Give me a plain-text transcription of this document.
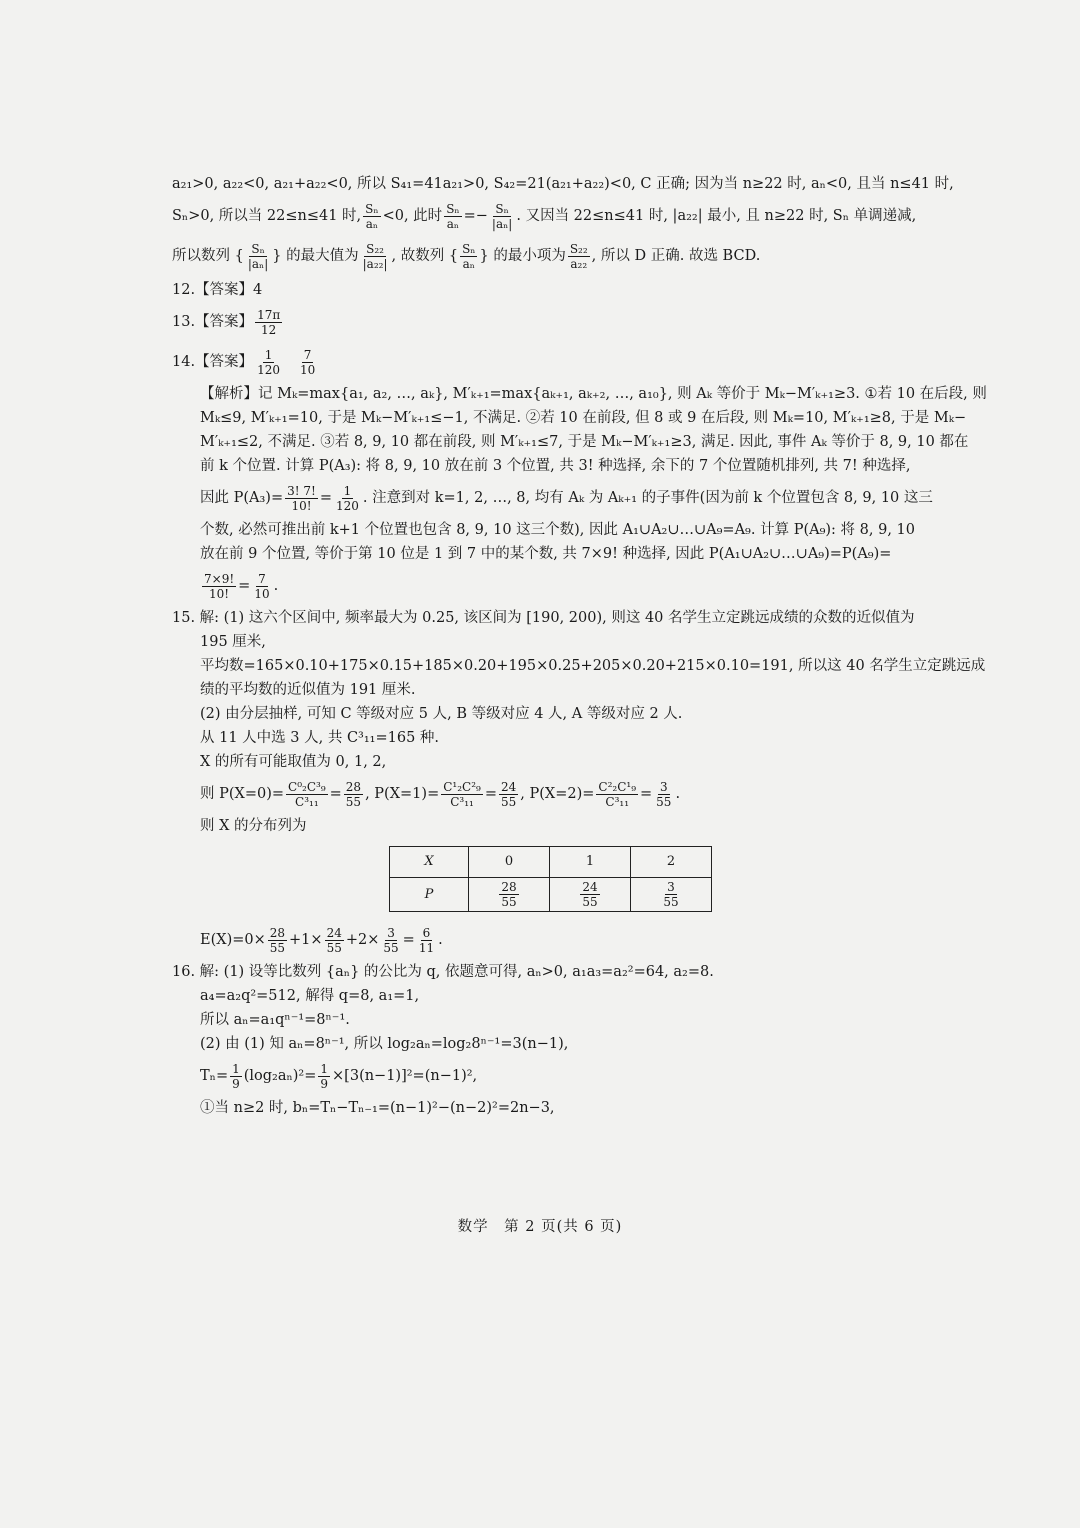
a₂₁>0, a₂₂<0, a₂₁+a₂₂<0, 所以 S₄₁=41a₂₁>0, S₄₂=21(a₂₁+a₂₂)<0, C 正确; 因为当 n≥22 时, aₙ<0, 且当 n≤41 时,
Sₙ>0, 所以当 22≤n≤41 时, $\frac{\text{Sₙ}}{\text{aₙ}} <0$, 此时 $\frac{\text{Sₙ}}{\text{aₙ}} =- \frac{\text{Sₙ}}{\text{|aₙ|}}$ . 又因当 22≤n≤41 时, |a₂₂| 最小, 且 n≥22 时, Sₙ 单调递减,
所以数列 { $\frac{\text{Sₙ}}{\text{|aₙ|}}$ } 的最大值为 $\frac{\text{S₂₂}}{\text{|a₂₂|}}$ , 故数列 { $\frac{\text{Sₙ}}{\text{aₙ}}$ } 的最小项为 $\frac{\text{S₂₂}}{\text{a₂₂}}$ , 所以 D 正确. 故选 BCD.
12.【答案】4
13.【答案】 $\frac{17\pi}{12}$
14.【答案】 $\frac{1}{120} \frac{7}{10}$
【解析】记 Mₖ=max{a₁, a₂, …, aₖ}, M′ₖ₊₁=max{aₖ₊₁, aₖ₊₂, …, a₁₀}, 则 Aₖ 等价于 Mₖ−M′ₖ₊₁≥3. ①若 10 在后段, 则
Mₖ≤9, M′ₖ₊₁=10, 于是 Mₖ−M′ₖ₊₁≤−1, 不满足. ②若 10 在前段, 但 8 或 9 在后段, 则 Mₖ=10, M′ₖ₊₁≥8, 于是 Mₖ−
M′ₖ₊₁≤2, 不满足. ③若 8, 9, 10 都在前段, 则 M′ₖ₊₁≤7, 于是 Mₖ−M′ₖ₊₁≥3, 满足. 因此, 事件 Aₖ 等价于 8, 9, 10 都在
前 k 个位置. 计算 P(A₃): 将 8, 9, 10 放在前 3 个位置, 共 3! 种选择, 余下的 7 个位置随机排列, 共 7! 种选择,
因此 $P(A_3)= \frac{3! 7!}{10!} = \frac{1}{120}$ . 注意到对 k=1, 2, …, 8, 均有 Aₖ 为 Aₖ₊₁ 的子事件(因为前 k 个位置包含 8, 9, 10 这三
个数, 必然可推出前 k+1 个位置也包含 8, 9, 10 这三个数), 因此 A₁∪A₂∪…∪A₉=A₉. 计算 P(A₉): 将 8, 9, 10
放在前 9 个位置, 等价于第 10 位是 1 到 7 中的某个数, 共 7×9! 种选择, 因此 P(A₁∪A₂∪…∪A₉)=P(A₉)=
$\frac{7\times 9!}{10!} = \frac{7}{10}$ .
15. 解: (1) 这六个区间中, 频率最大为 0.25, 该区间为 [190, 200), 则这 40 名学生立定跳远成绩的众数的近似值为
195 厘米,
平均数=165×0.10+175×0.15+185×0.20+195×0.25+205×0.20+215×0.10=191, 所以这 40 名学生立定跳远成
绩的平均数的近似值为 191 厘米.
(2) 由分层抽样, 可知 C 等级对应 5 人, B 等级对应 4 人, A 等级对应 2 人.
从 11 人中选 3 人, 共 C³₁₁=165 种.
X 的所有可能取值为 0, 1, 2,
则 $P(X=0)= \frac{\text{C⁰₂C³₉}}{\text{C³₁₁}} = \frac{28}{55}$ , $P(X=1)= \frac{\text{C¹₂C²₉}}{\text{C³₁₁}} = \frac{24}{55}$ , $P(X=2)= \frac{\text{C²₂C¹₉}}{\text{C³₁₁}} = \frac{3}{55}$ .
则 X 的分布列为
X	0	1	2
P	$\frac{28}{55}$	$\frac{24}{55}$	$\frac{3}{55}$
$E(X)=0\times \frac{28}{55} +1\times \frac{24}{55} +2\times \frac{3}{55} = \frac{6}{11}$ .
16. 解: (1) 设等比数列 {aₙ} 的公比为 q, 依题意可得, aₙ>0, a₁a₃=a₂²=64, a₂=8.
a₄=a₂q²=512, 解得 q=8, a₁=1,
所以 aₙ=a₁qⁿ⁻¹=8ⁿ⁻¹.
(2) 由 (1) 知 aₙ=8ⁿ⁻¹, 所以 log₂aₙ=log₂8ⁿ⁻¹=3(n−1),
$T_n= \frac{1}{9} (\log_2a_n)^2= \frac{1}{9} \times[3(n-1)]^2=(n-1)^2$,
①当 n≥2 时, bₙ=Tₙ−Tₙ₋₁=(n−1)²−(n−2)²=2n−3,
数学　第 2 页(共 6 页)
